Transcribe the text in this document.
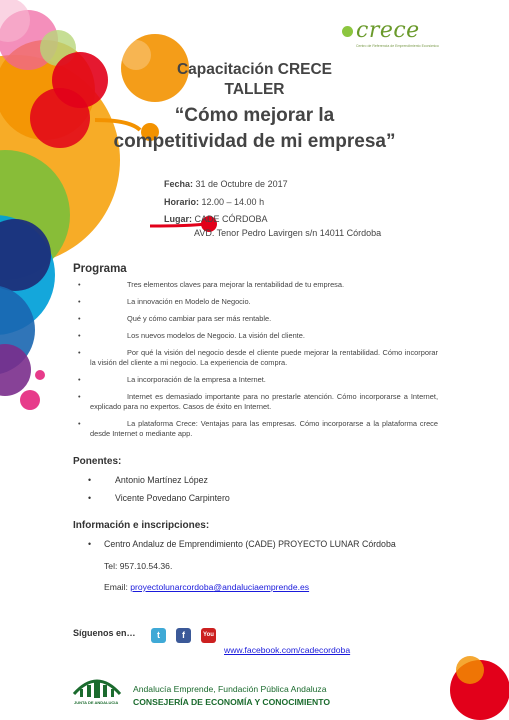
crece
Centro de Referencia de Emprendimiento Económico
Capacitación CRECE
TALLER
“Cómo mejorar la
competitividad de mi empresa”
Fecha: 31 de Octubre de 2017
Horario: 12.00 – 14.00 h
Lugar: CADE CÓRDOBA
AVD. Tenor Pedro Lavirgen s/n 14011 Córdoba
Programa
•	Tres elementos claves para mejorar la rentabilidad de tu empresa.
•	La innovación en Modelo de Negocio.
•	Qué y cómo cambiar para ser más rentable.
•	Los nuevos modelos de Negocio. La visión del cliente.
•	Por qué la visión del negocio desde el cliente puede mejorar la rentabilidad. Cómo incorporar la visión del cliente a mi negocio. La experiencia de compra.
•	La incorporación de la empresa a Internet.
•	Internet es demasiado importante para no prestarle atención. Cómo incorporarse a Internet, explicado para no expertos. Casos de éxito en Internet.
•	La plataforma Crece: Ventajas para las empresas. Cómo incorporarse a la plataforma crece desde Internet o mediante app.
Ponentes:
•	Antonio Martínez López
•	Vicente Povedano Carpintero
Información e inscripciones:
• Centro Andaluz de Emprendimiento (CADE) PROYECTO LUNAR Córdoba
Tel: 957.10.54.36.
Email: proyectolunarcordoba@andaluciaemprende.es
Síguenos en…	t	f	You
www.facebook.com/cadecordoba
JUNTA DE ANDALUCIA
Andalucía Emprende, Fundación Pública Andaluza
CONSEJERÍA DE ECONOMÍA Y CONOCIMIENTO
